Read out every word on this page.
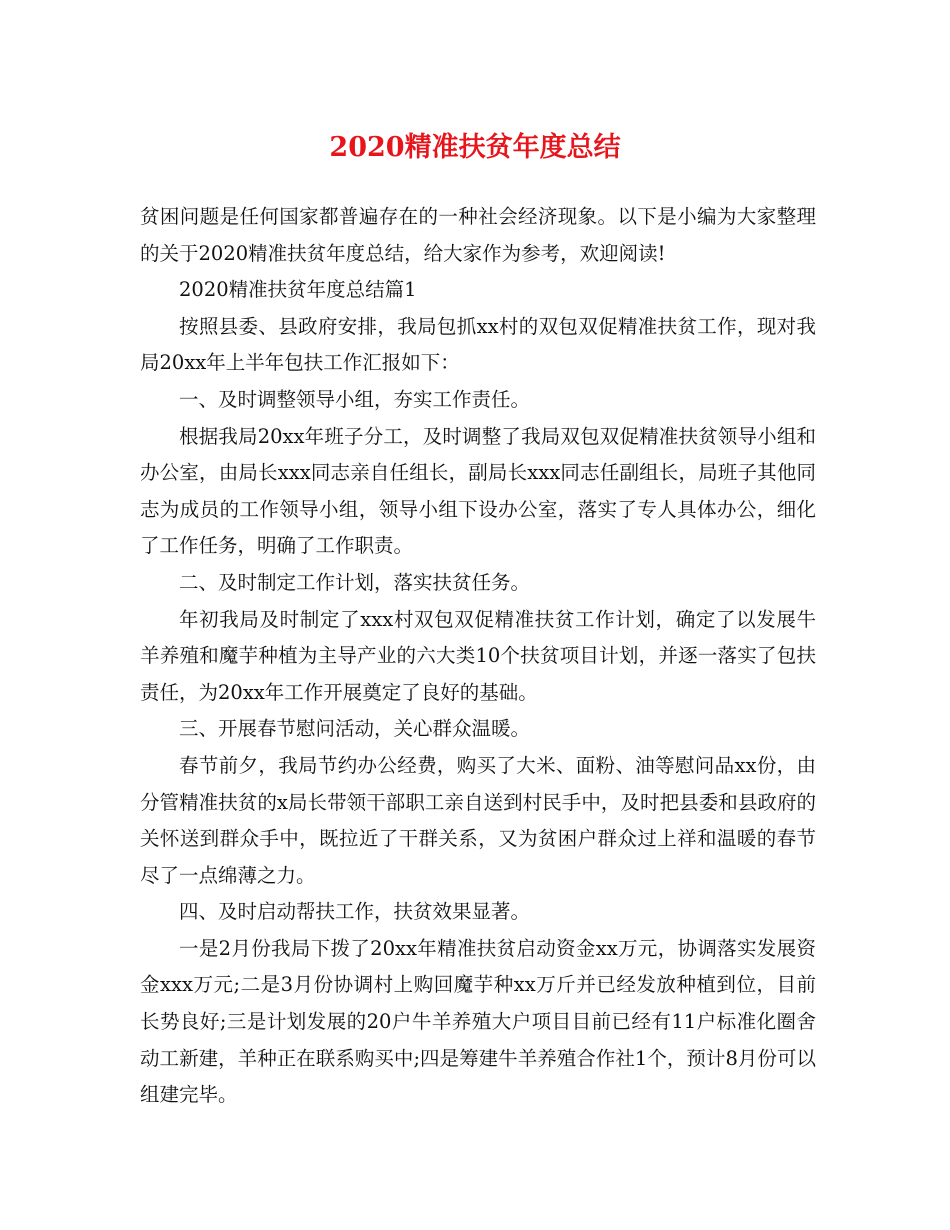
2020精准扶贫年度总结

贫困问题是任何国家都普遍存在的一种社会经济现象。以下是小编为大家整理的关于2020精准扶贫年度总结，给大家作为参考，欢迎阅读!

2020精准扶贫年度总结篇1

按照县委、县政府安排，我局包抓xx村的双包双促精准扶贫工作，现对我局20xx年上半年包扶工作汇报如下：

一、及时调整领导小组，夯实工作责任。

根据我局20xx年班子分工，及时调整了我局双包双促精准扶贫领导小组和办公室，由局长xxx同志亲自任组长，副局长xxx同志任副组长，局班子其他同志为成员的工作领导小组，领导小组下设办公室，落实了专人具体办公，细化了工作任务，明确了工作职责。

二、及时制定工作计划，落实扶贫任务。

年初我局及时制定了xxx村双包双促精准扶贫工作计划，确定了以发展牛羊养殖和魔芋种植为主导产业的六大类10个扶贫项目计划，并逐一落实了包扶责任，为20xx年工作开展奠定了良好的基础。

三、开展春节慰问活动，关心群众温暖。

春节前夕，我局节约办公经费，购买了大米、面粉、油等慰问品xx份，由分管精准扶贫的x局长带领干部职工亲自送到村民手中，及时把县委和县政府的关怀送到群众手中，既拉近了干群关系，又为贫困户群众过上祥和温暖的春节尽了一点绵薄之力。

四、及时启动帮扶工作，扶贫效果显著。

一是2月份我局下拨了20xx年精准扶贫启动资金xx万元，协调落实发展资金xxx万元;二是3月份协调村上购回魔芋种xx万斤并已经发放种植到位，目前长势良好;三是计划发展的20户牛羊养殖大户项目目前已经有11户标准化圈舍动工新建，羊种正在联系购买中;四是筹建牛羊养殖合作社1个，预计8月份可以组建完毕。
